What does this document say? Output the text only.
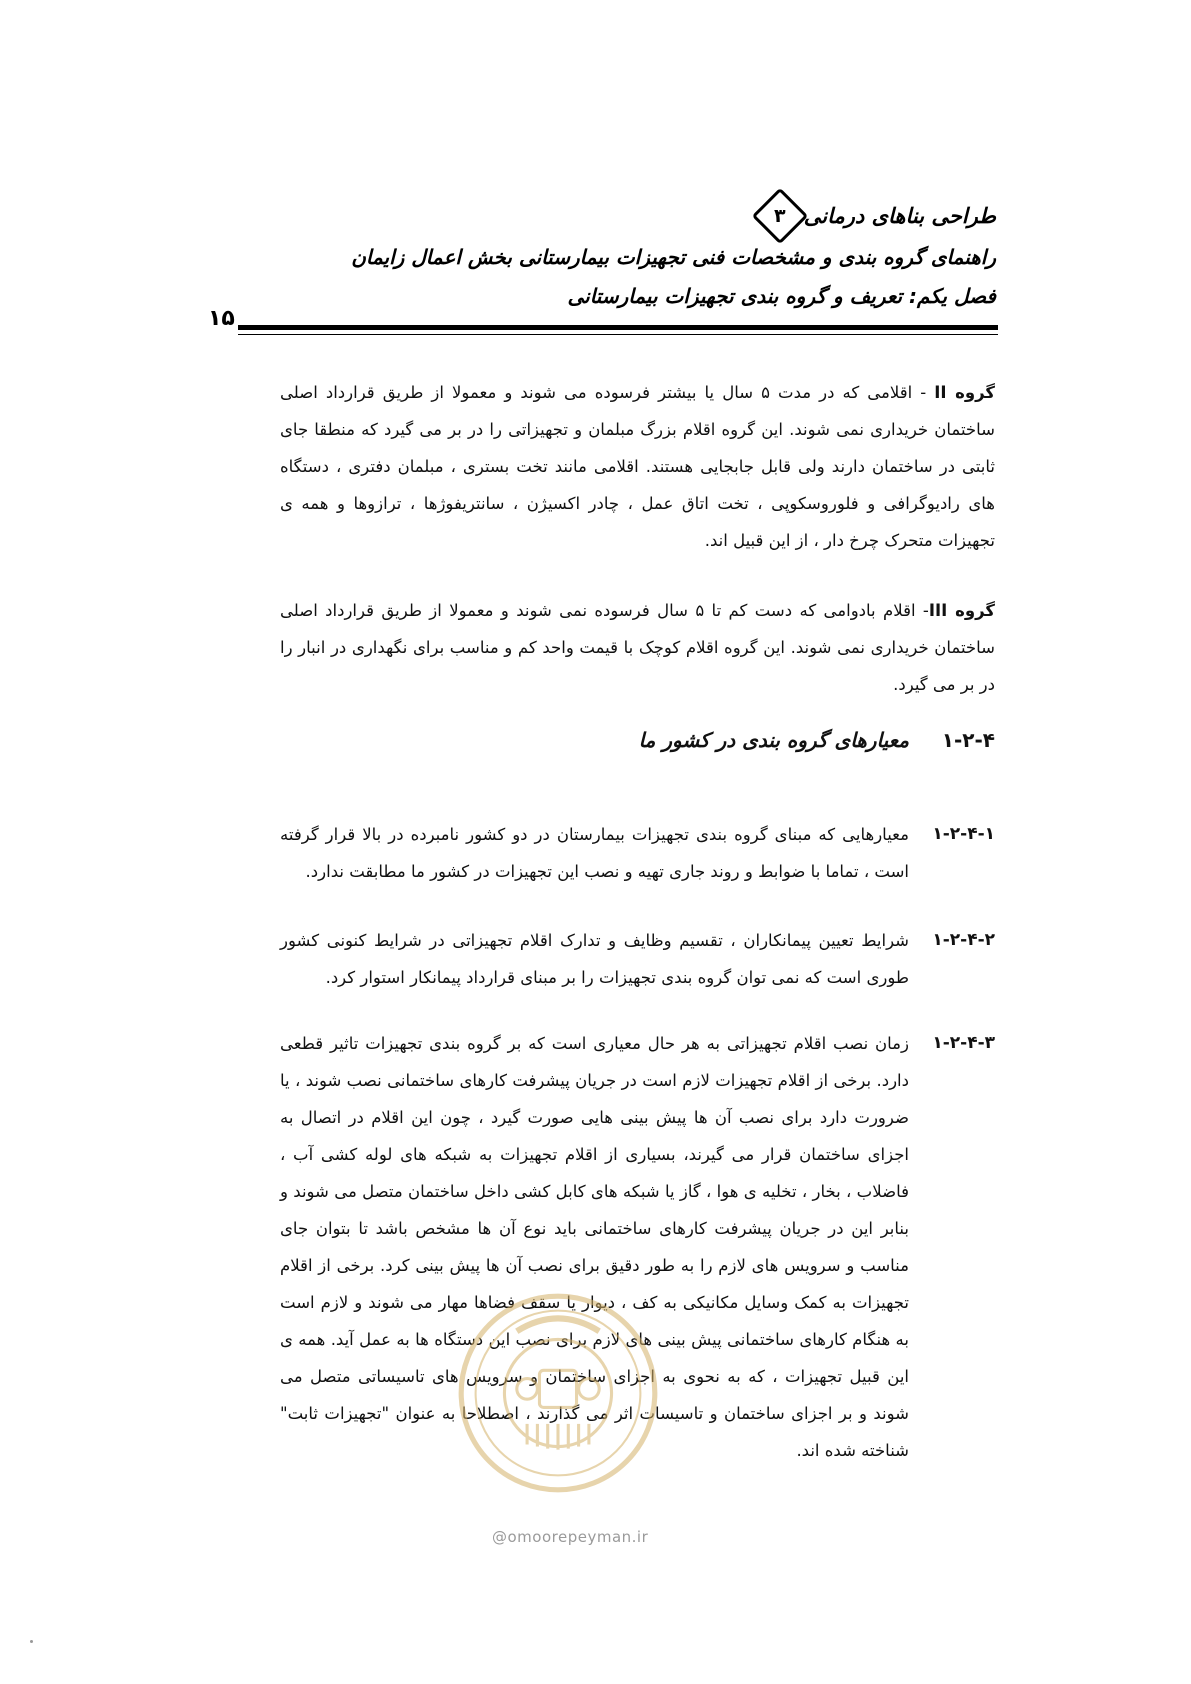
طراحی بناهای درمانی
۳
راهنمای گروه بندی و مشخصات فنی تجهیزات بیمارستانی بخش اعمال زایمان
فصل یکم: تعریف و گروه بندی تجهیزات بیمارستانی
۱۵
گروه II - اقلامی که در مدت ۵ سال یا بیشتر فرسوده می شوند و معمولا از طریق قرارداد اصلی ساختمان خریداری نمی شوند. این گروه اقلام بزرگ مبلمان و تجهیزاتی را در بر می گیرد که منطقا جای ثابتی در ساختمان دارند ولی قابل جابجایی هستند. اقلامی مانند تخت بستری ، مبلمان دفتری ، دستگاه های رادیوگرافی و فلوروسکوپی ، تخت اتاق عمل ، چادر اکسیژن ، سانتریفوژها ، ترازوها و همه ی تجهیزات متحرک چرخ دار ، از این قبیل اند.
گروه III- اقلام بادوامی که دست کم تا ۵ سال فرسوده نمی شوند و معمولا از طریق قرارداد اصلی ساختمان خریداری نمی شوند. این گروه اقلام کوچک با قیمت واحد کم و مناسب برای نگهداری در انبار را در بر می گیرد.
۱-۲-۴
معیارهای گروه بندی در کشور ما
۱-۲-۴-۱
معیارهایی که مبنای گروه بندی تجهیزات بیمارستان در دو کشور نامبرده در بالا قرار گرفته است ، تماما با ضوابط و روند جاری تهیه و نصب این تجهیزات در کشور ما مطابقت ندارد.
۱-۲-۴-۲
شرایط تعیین پیمانکاران ، تقسیم وظایف و تدارک اقلام تجهیزاتی در شرایط کنونی کشور طوری است که نمی توان گروه بندی تجهیزات را بر مبنای قرارداد پیمانکار استوار کرد.
۱-۲-۴-۳
زمان نصب اقلام تجهیزاتی به هر حال معیاری است که بر گروه بندی تجهیزات تاثیر قطعی دارد. برخی از اقلام تجهیزات لازم است در جریان پیشرفت کارهای ساختمانی نصب شوند ، یا ضرورت دارد برای نصب آن ها پیش بینی هایی صورت گیرد ، چون این اقلام در اتصال به اجزای ساختمان قرار می گیرند، بسیاری از اقلام تجهیزات به شبکه های لوله کشی آب ، فاضلاب ، بخار ، تخلیه ی هوا ، گاز یا شبکه های کابل کشی داخل ساختمان متصل می شوند و بنابر این در جریان پیشرفت کارهای ساختمانی باید نوع آن ها مشخص باشد تا بتوان جای مناسب و سرویس های لازم را به طور دقیق برای نصب آن ها پیش بینی کرد. برخی از اقلام تجهیزات به کمک وسایل مکانیکی به کف ، دیوار یا سقف فضاها مهار می شوند و لازم است به هنگام کارهای ساختمانی پیش بینی های لازم برای نصب این دستگاه ها به عمل آید. همه ی این قبیل تجهیزات ، که به نحوی به اجزای ساختمان و سرویس های تاسیساتی متصل می شوند و بر اجزای ساختمان و تاسیسات اثر می گذارند ، اصطلاحا به عنوان "تجهیزات ثابت" شناخته شده اند.
@omoorepeyman.ir
